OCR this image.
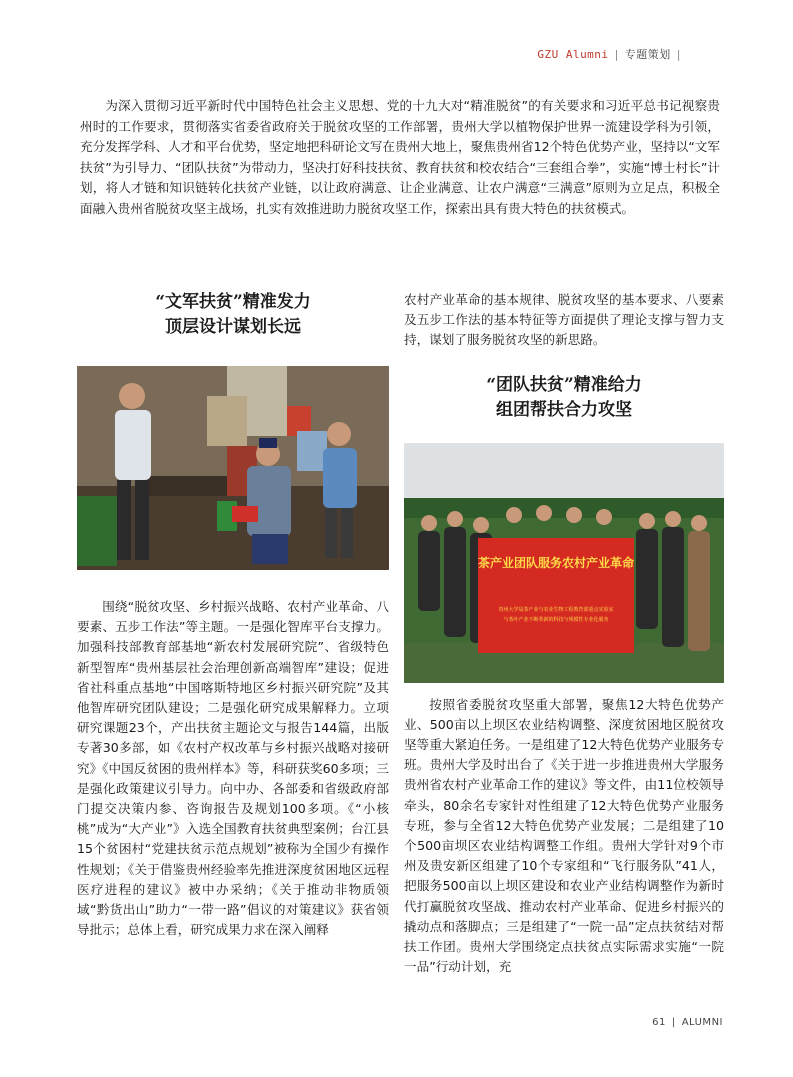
GZU Alumni | 专题策划 |

为深入贯彻习近平新时代中国特色社会主义思想、党的十九大对“精准脱贫”的有关要求和习近平总书记视察贵州时的工作要求，贯彻落实省委省政府关于脱贫攻坚的工作部署，贵州大学以植物保护世界一流建设学科为引领，充分发挥学科、人才和平台优势，坚定地把科研论文写在贵州大地上，聚焦贵州省12个特色优势产业，坚持以“文军扶贫”为引导力、“团队扶贫”为带动力，坚决打好科技扶贫、教育扶贫和校农结合“三套组合拳”，实施“博士村长”计划，将人才链和知识链转化扶贫产业链，以让政府满意、让企业满意、让农户满意“三满意”原则为立足点，积极全面融入贵州省脱贫攻坚主战场，扎实有效推进助力脱贫攻坚工作，探索出具有贵大特色的扶贫模式。

“文军扶贫”精准发力

顶层设计谋划长远

围绕“脱贫攻坚、乡村振兴战略、农村产业革命、八要素、五步工作法”等主题。一是强化智库平台支撑力。加强科技部教育部基地“新农村发展研究院”、省级特色新型智库“贵州基层社会治理创新高端智库”建设；促进省社科重点基地“中国喀斯特地区乡村振兴研究院”及其他智库研究团队建设；二是强化研究成果解释力。立项研究课题23个，产出扶贫主题论文与报告144篇，出版专著30多部，如《农村产权改革与乡村振兴战略对接研究》《中国反贫困的贵州样本》等，科研获奖60多项；三是强化政策建议引导力。向中办、各部委和省级政府部门提交决策内参、咨询报告及规划100多项。《“小核桃”成为“大产业”》入选全国教育扶贫典型案例；台江县15个贫困村“党建扶贫示范点规划”被称为全国少有操作性规划；《关于借鉴贵州经验率先推进深度贫困地区远程医疗进程的建议》被中办采纳；《关于推动非物质领域“黔货出山”助力“一带一路”倡议的对策建议》获省领导批示；总体上看，研究成果力求在深入阐释

农村产业革命的基本规律、脱贫攻坚的基本要求、八要素及五步工作法的基本特征等方面提供了理论支撑与智力支持，谋划了服务脱贫攻坚的新思路。

“团队扶贫”精准给力

组团帮扶合力攻坚

茶产业团队服务农村产业革命
贵州大学局茶产业与农业生物工程教育部重点实验室
与茶叶产业不断革新的科技与规模性专业化服务

按照省委脱贫攻坚重大部署，聚焦12大特色优势产业、500亩以上坝区农业结构调整、深度贫困地区脱贫攻坚等重大紧迫任务。一是组建了12大特色优势产业服务专班。贵州大学及时出台了《关于进一步推进贵州大学服务贵州省农村产业革命工作的建议》等文件，由11位校领导牵头，80余名专家针对性组建了12大特色优势产业服务专班，参与全省12大特色优势产业发展；二是组建了10个500亩坝区农业结构调整工作组。贵州大学针对9个市州及贵安新区组建了10个专家组和“飞行服务队”41人，把服务500亩以上坝区建设和农业产业结构调整作为新时代打赢脱贫攻坚战、推动农村产业革命、促进乡村振兴的撬动点和落脚点；三是组建了“一院一品”定点扶贫结对帮扶工作团。贵州大学围绕定点扶贫点实际需求实施“一院一品”行动计划，充

61 | ALUMNI
